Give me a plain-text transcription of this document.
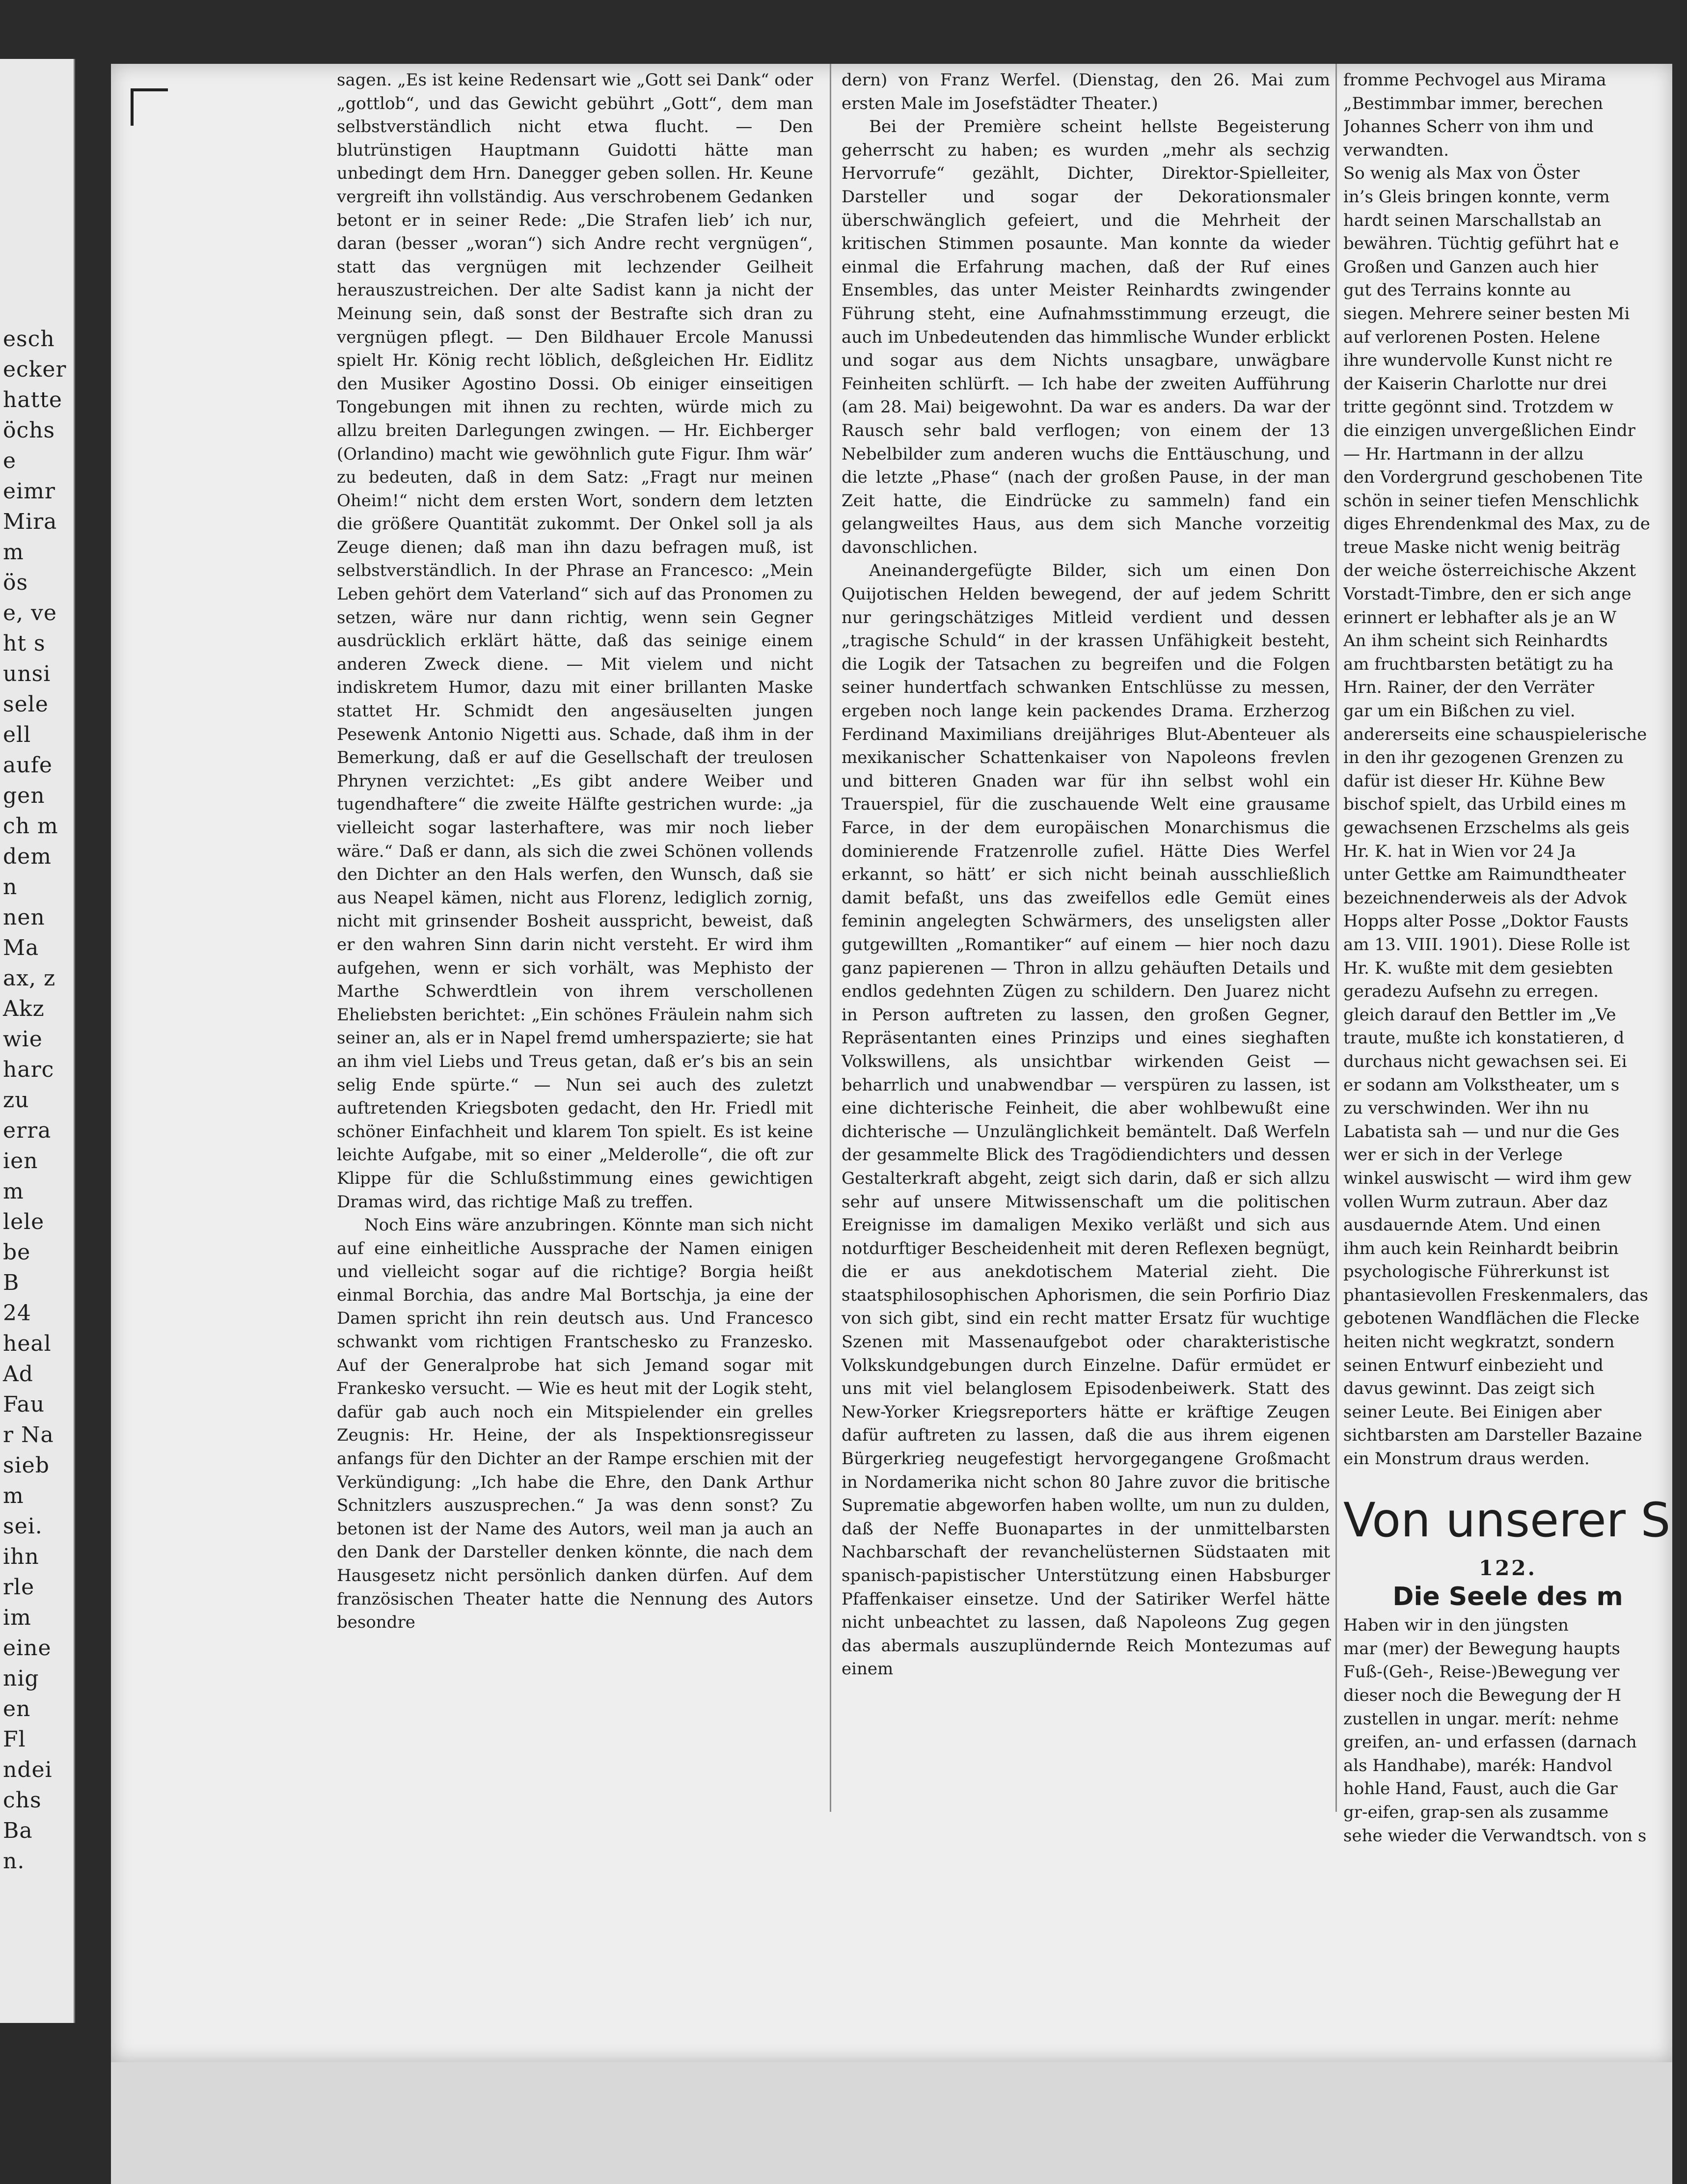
esch
ecker
hatte
öchs
e
eimr
Mira
m
ös
e, ve
ht s
unsi
sele
ell
aufe
gen
ch m
dem
n
nen
Ma
ax, z
Akz
wie
harc
zu
erra
ien
m
lele
be
B
24
heal
Ad
Fau
r Na
sieb
m
sei.
ihn
rle
im
eine
nig
en
Fl
ndei
chs
Ba
n.

sagen. „Es ist keine Redensart wie „Gott sei Dank“ oder „gottlob“, und das Gewicht gebührt „Gott“, dem man selbstverständlich nicht etwa flucht. — Den blutrünstigen Hauptmann Guidotti hätte man unbedingt dem Hrn. Danegger geben sollen. Hr. Keune vergreift ihn vollständig. Aus verschrobenem Gedanken betont er in seiner Rede: „Die Strafen lieb’ ich nur, daran (besser „woran“) sich Andre recht vergnügen“, statt das vergnügen mit lechzender Geilheit herauszustreichen. Der alte Sadist kann ja nicht der Meinung sein, daß sonst der Bestrafte sich dran zu vergnügen pflegt. — Den Bildhauer Ercole Manussi spielt Hr. König recht löblich, deßgleichen Hr. Eidlitz den Musiker Agostino Dossi. Ob einiger einseitigen Tongebungen mit ihnen zu rechten, würde mich zu allzu breiten Darlegungen zwingen. — Hr. Eichberger (Orlandino) macht wie gewöhnlich gute Figur. Ihm wär’ zu bedeuten, daß in dem Satz: „Fragt nur meinen Oheim!“ nicht dem ersten Wort, sondern dem letzten die größere Quantität zukommt. Der Onkel soll ja als Zeuge dienen; daß man ihn dazu befragen muß, ist selbstverständlich. In der Phrase an Francesco: „Mein Leben gehört dem Vaterland“ sich auf das Pronomen zu setzen, wäre nur dann richtig, wenn sein Gegner ausdrücklich erklärt hätte, daß das seinige einem anderen Zweck diene. — Mit vielem und nicht indiskretem Humor, dazu mit einer brillanten Maske stattet Hr. Schmidt den angesäuselten jungen Pesewenk Antonio Nigetti aus. Schade, daß ihm in der Bemerkung, daß er auf die Gesellschaft der treulosen Phrynen verzichtet: „Es gibt andere Weiber und tugendhaftere“ die zweite Hälfte gestrichen wurde: „ja vielleicht sogar lasterhaftere, was mir noch lieber wäre.“ Daß er dann, als sich die zwei Schönen vollends den Dichter an den Hals werfen, den Wunsch, daß sie aus Neapel kämen, nicht aus Florenz, lediglich zornig, nicht mit grinsender Bosheit ausspricht, beweist, daß er den wahren Sinn darin nicht versteht. Er wird ihm aufgehen, wenn er sich vorhält, was Mephisto der Marthe Schwerdtlein von ihrem verschollenen Eheliebsten berichtet: „Ein schönes Fräulein nahm sich seiner an, als er in Napel fremd umherspazierte; sie hat an ihm viel Liebs und Treus getan, daß er’s bis an sein selig Ende spürte.“ — Nun sei auch des zuletzt auftretenden Kriegsboten gedacht, den Hr. Friedl mit schöner Einfachheit und klarem Ton spielt. Es ist keine leichte Aufgabe, mit so einer „Melderolle“, die oft zur Klippe für die Schlußstimmung eines gewichtigen Dramas wird, das richtige Maß zu treffen.

Noch Eins wäre anzubringen. Könnte man sich nicht auf eine einheitliche Aussprache der Namen einigen und vielleicht sogar auf die richtige? Borgia heißt einmal Borchia, das andre Mal Bortschja, ja eine der Damen spricht ihn rein deutsch aus. Und Francesco schwankt vom richtigen Frantschesko zu Franzesko. Auf der Generalprobe hat sich Jemand sogar mit Frankesko versucht. — Wie es heut mit der Logik steht, dafür gab auch noch ein Mitspielender ein grelles Zeugnis: Hr. Heine, der als Inspektionsregisseur anfangs für den Dichter an der Rampe erschien mit der Verkündigung: „Ich habe die Ehre, den Dank Arthur Schnitzlers auszusprechen.“ Ja was denn sonst? Zu betonen ist der Name des Autors, weil man ja auch an den Dank der Darsteller denken könnte, die nach dem Hausgesetz nicht persönlich danken dürfen. Auf dem französischen Theater hatte die Nennung des Autors besondre

dern) von Franz Werfel. (Dienstag, den 26. Mai zum ersten Male im Josefstädter Theater.)

Bei der Première scheint hellste Begeisterung geherrscht zu haben; es wurden „mehr als sechzig Hervorrufe“ gezählt, Dichter, Direktor-Spielleiter, Darsteller und sogar der Dekorationsmaler überschwänglich gefeiert, und die Mehrheit der kritischen Stimmen posaunte. Man konnte da wieder einmal die Erfahrung machen, daß der Ruf eines Ensembles, das unter Meister Reinhardts zwingender Führung steht, eine Aufnahmsstimmung erzeugt, die auch im Unbedeutenden das himmlische Wunder erblickt und sogar aus dem Nichts unsagbare, unwägbare Feinheiten schlürft. — Ich habe der zweiten Aufführung (am 28. Mai) beigewohnt. Da war es anders. Da war der Rausch sehr bald verflogen; von einem der 13 Nebelbilder zum anderen wuchs die Enttäuschung, und die letzte „Phase“ (nach der großen Pause, in der man Zeit hatte, die Eindrücke zu sammeln) fand ein gelangweiltes Haus, aus dem sich Manche vorzeitig davonschlichen.

Aneinandergefügte Bilder, sich um einen Don Quijotischen Helden bewegend, der auf jedem Schritt nur geringschätziges Mitleid verdient und dessen „tragische Schuld“ in der krassen Unfähigkeit besteht, die Logik der Tatsachen zu begreifen und die Folgen seiner hundertfach schwanken Entschlüsse zu messen, ergeben noch lange kein packendes Drama. Erzherzog Ferdinand Maximilians dreijähriges Blut-Abenteuer als mexikanischer Schattenkaiser von Napoleons frevlen und bitteren Gnaden war für ihn selbst wohl ein Trauerspiel, für die zuschauende Welt eine grausame Farce, in der dem europäischen Monarchismus die dominierende Fratzenrolle zufiel. Hätte Dies Werfel erkannt, so hätt’ er sich nicht beinah ausschließlich damit befaßt, uns das zweifellos edle Gemüt eines feminin angelegten Schwärmers, des unseligsten aller gutgewillten „Romantiker“ auf einem — hier noch dazu ganz papierenen — Thron in allzu gehäuften Details und endlos gedehnten Zügen zu schildern. Den Juarez nicht in Person auftreten zu lassen, den großen Gegner, Repräsentanten eines Prinzips und eines sieghaften Volkswillens, als unsichtbar wirkenden Geist — beharrlich und unabwendbar — verspüren zu lassen, ist eine dichterische Feinheit, die aber wohlbewußt eine dichterische — Unzulänglichkeit bemäntelt. Daß Werfeln der gesammelte Blick des Tragödiendichters und dessen Gestalterkraft abgeht, zeigt sich darin, daß er sich allzu sehr auf unsere Mitwissenschaft um die politischen Ereignisse im damaligen Mexiko verläßt und sich aus notdurftiger Bescheidenheit mit deren Reflexen begnügt, die er aus anekdotischem Material zieht. Die staatsphilosophischen Aphorismen, die sein Porfirio Diaz von sich gibt, sind ein recht matter Ersatz für wuchtige Szenen mit Massenaufgebot oder charakteristische Volkskundgebungen durch Einzelne. Dafür ermüdet er uns mit viel belanglosem Episodenbeiwerk. Statt des New-Yorker Kriegsreporters hätte er kräftige Zeugen dafür auftreten zu lassen, daß die aus ihrem eigenen Bürgerkrieg neugefestigt hervorgegangene Großmacht in Nordamerika nicht schon 80 Jahre zuvor die britische Suprematie abgeworfen haben wollte, um nun zu dulden, daß der Neffe Buonapartes in der unmittelbarsten Nachbarschaft der revanchelüsternen Südstaaten mit spanisch-papistischer Unterstützung einen Habsburger Pfaffenkaiser einsetze. Und der Satiriker Werfel hätte nicht unbeachtet zu lassen, daß Napoleons Zug gegen das abermals auszuplündernde Reich Montezumas auf einem

fromme Pechvogel aus Mirama
„Bestimmbar immer, berechen
Johannes Scherr von ihm und
verwandten.
So wenig als Max von Öster
in’s Gleis bringen konnte, verm
hardt seinen Marschallstab an
bewähren. Tüchtig geführt hat e
Großen und Ganzen auch hier
gut des Terrains konnte au
siegen. Mehrere seiner besten Mi
auf verlorenen Posten. Helene
ihre wundervolle Kunst nicht re
der Kaiserin Charlotte nur drei
tritte gegönnt sind. Trotzdem w
die einzigen unvergeßlichen Eindr
— Hr. Hartmann in der allzu
den Vordergrund geschobenen Tite
schön in seiner tiefen Menschlichk
diges Ehrendenkmal des Max, zu de
treue Maske nicht wenig beiträg
der weiche österreichische Akzent
Vorstadt-Timbre, den er sich ange
erinnert er lebhafter als je an W
An ihm scheint sich Reinhardts
am fruchtbarsten betätigt zu ha
Hrn. Rainer, der den Verräter
gar um ein Bißchen zu viel.
andererseits eine schauspielerische
in den ihr gezogenen Grenzen zu
dafür ist dieser Hr. Kühne Bew
bischof spielt, das Urbild eines m
gewachsenen Erzschelms als geis
Hr. K. hat in Wien vor 24 Ja
unter Gettke am Raimundtheater
bezeichnenderweis als der Advok
Hopps alter Posse „Doktor Fausts
am 13. VIII. 1901). Diese Rolle ist
Hr. K. wußte mit dem gesiebten
geradezu Aufsehn zu erregen.
gleich darauf den Bettler im „Ve
traute, mußte ich konstatieren, d
durchaus nicht gewachsen sei. Ei
er sodann am Volkstheater, um s
zu verschwinden. Wer ihn nu
Labatista sah — und nur die Ges
wer er sich in der Verlege
winkel auswischt — wird ihm gew
vollen Wurm zutraun. Aber daz
ausdauernde Atem. Und einen
ihm auch kein Reinhardt beibrin
psychologische Führerkunst ist
phantasievollen Freskenmalers, das
gebotenen Wandflächen die Flecke
heiten nicht wegkratzt, sondern
seinen Entwurf einbezieht und
davus gewinnt. Das zeigt sich
seiner Leute. Bei Einigen aber
sichtbarsten am Darsteller Bazaine
ein Monstrum draus werden.
Von unserer S
122.
Die Seele des m
Haben wir in den jüngsten
mar (mer) der Bewegung haupts
Fuß-(Geh-, Reise-)Bewegung ver
dieser noch die Bewegung der H
zustellen in ungar. merít: nehme
greifen, an- und erfassen (darnach
als Handhabe), marék: Handvol
hohle Hand, Faust, auch die Gar
gr-eifen, grap-sen als zusamme
sehe wieder die Verwandtsch. von s
